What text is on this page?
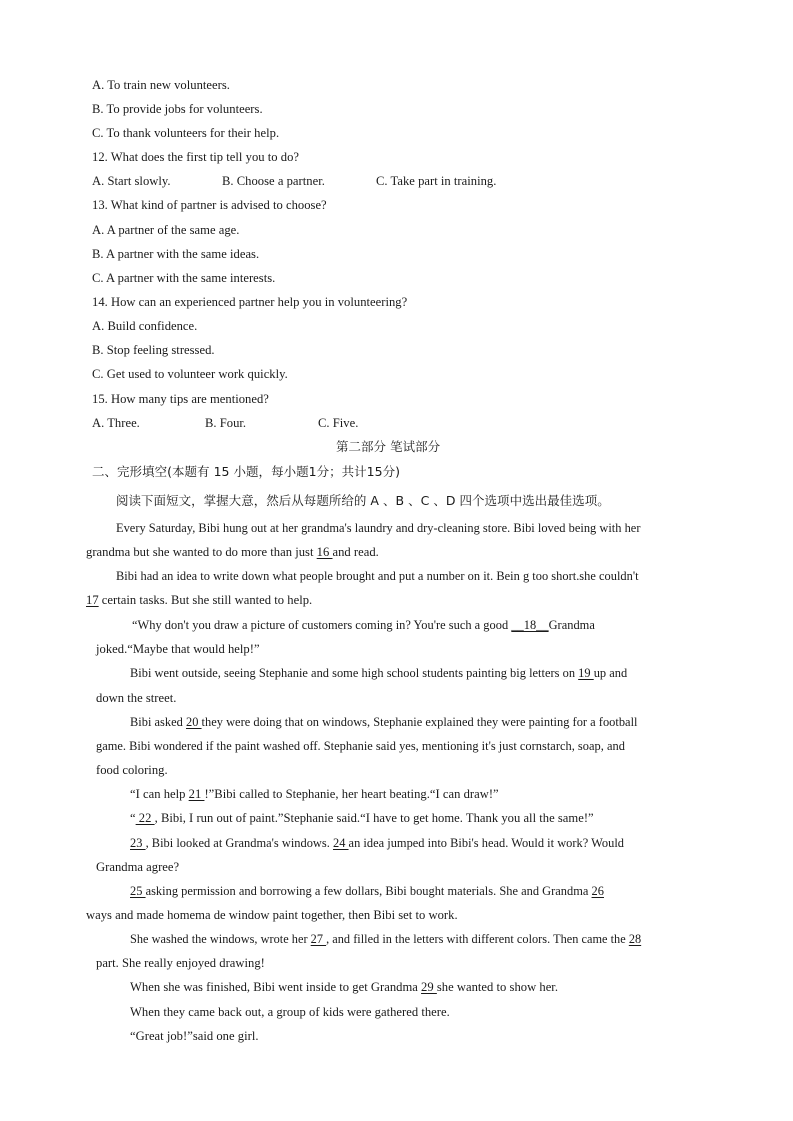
A. To train new volunteers.
B. To provide jobs for volunteers.
C. To thank volunteers for their help.
12. What does the first tip tell you to do?
A. Start slowly.	B. Choose a partner.	C. Take part in training.
13. What kind of partner is advised to choose?
A. A partner of the same age.
B. A partner with the same ideas.
C. A partner with the same interests.
14. How can an experienced partner help you in volunteering?
A. Build confidence.
B. Stop feeling stressed.
C. Get used to volunteer work quickly.
15. How many tips are mentioned?
A. Three.	B. Four.	C. Five.
第二部分 笔试部分
二、完形填空(本题有 15 小题，每小题1分；共计15分)
阅读下面短文，掌握大意，然后从每题所给的 A 、B 、C 、D 四个选项中选出最佳选项。
Every Saturday, Bibi hung out at her grandma's laundry and dry-cleaning store. Bibi loved being with her
grandma but she wanted to do more than just 16 and read.
Bibi had an idea to write down what people brought and put a number on it. Bein g too short.she couldn't
17 certain tasks. But she still wanted to help.
“Why don't you draw a picture of customers coming in? You're such a good __18__Grandma
joked.“Maybe that would help!”
Bibi went outside, seeing Stephanie and some high school students painting big letters on 19 up and
down the street.
Bibi asked 20 they were doing that on windows, Stephanie explained they were painting for a football
game. Bibi wondered if the paint washed off. Stephanie said yes, mentioning it's just cornstarch, soap, and
food coloring.
“I can help 21 !”Bibi called to Stephanie, her heart beating.“I can draw!”
“ 22 , Bibi, I run out of paint.”Stephanie said.“I have to get home. Thank you all the same!”
23 , Bibi looked at Grandma's windows. 24 an idea jumped into Bibi's head. Would it work? Would
Grandma agree?
25 asking permission and borrowing a few dollars, Bibi bought materials. She and Grandma 26
ways and made homema de window paint together, then Bibi set to work.
She washed the windows, wrote her 27 , and filled in the letters with different colors. Then came the 28
part. She really enjoyed drawing!
When she was finished, Bibi went inside to get Grandma 29 she wanted to show her.
When they came back out, a group of kids were gathered there.
“Great job!”said one girl.
